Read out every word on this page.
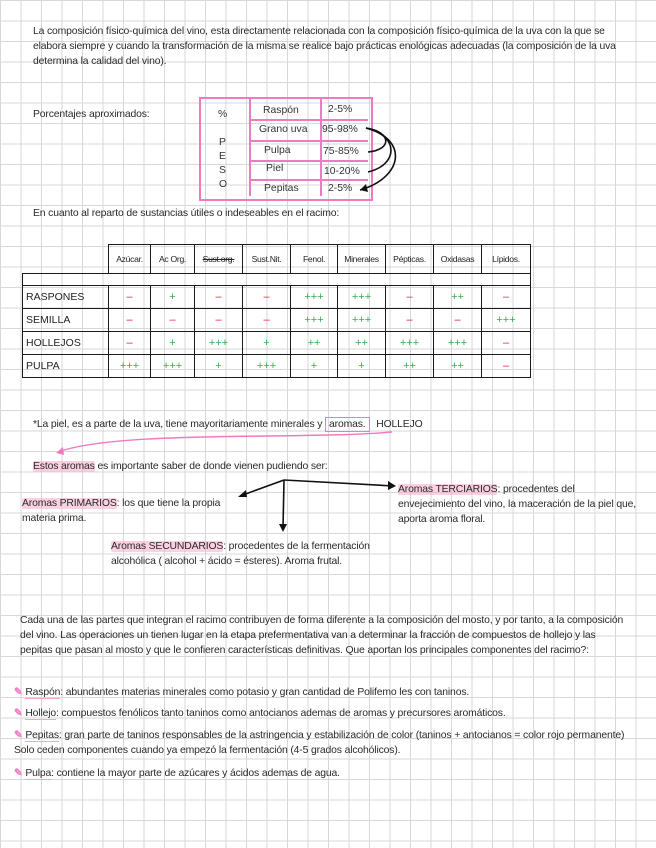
La composición físico-química del vino, esta directamente relacionada con la composición físico-química de la uva con la que se elabora siempre y cuando la transformación de la misma se realice bajo prácticas enológicas adecuadas (la composición de la uva determina la calidad del vino).
Porcentajes aproximados:	%
P
E
S
O
Raspón	2-5%
Grano uva 95-98%
Pulpa	75-85%
Piel	10-20%
Pepitas	2-5%
En cuanto al reparto de sustancias útiles o indeseables en el racimo:
	Azúcar.	Ac Org.	Sust.org.	Sust.Nit.	Fenol.	Minerales	Pépticas.	Oxidasas	Lípidos.

RASPONES	–	+	–	–	+++	+++	–	++	–
SEMILLA	–	–	–	–	+++	+++	–	–	+++
HOLLEJOS	–	+	+++	+	++	++	+++	+++	–
PULPA	+++	+++	+	+++	+	+	++	++	–
*La piel, es a parte de la uva, tiene mayoritariamente minerales y aromas. HOLLEJO
Estos aromas es importante saber de donde vienen pudiendo ser:
Aromas PRIMARIOS: los que tiene la propia materia prima.
Aromas SECUNDARIOS: procedentes de la fermentación alcohólica ( alcohol + ácido = ésteres). Aroma frutal.
Aromas TERCIARIOS: procedentes del envejecimiento del vino, la maceración de la piel que, aporta aroma floral.
Cada una de las partes que integran el racimo contribuyen de forma diferente a la composición del mosto, y por tanto, a la composición del vino. Las operaciones un tienen lugar en la etapa prefermentativa van a determinar la fracción de compuestos de hollejo y las pepitas que pasan al mosto y que le confieren características definitivas. Que aportan los principales componentes del racimo?:
✎ Raspón: abundantes materias minerales como potasio y gran cantidad de Polifemo les con taninos.
✎ Hollejo: compuestos fenólicos tanto taninos como antocianos ademas de aromas y precursores aromáticos.
✎ Pepitas: gran parte de taninos responsables de la astringencia y estabilización de color (taninos + antocianos = color rojo permanente) Solo ceden componentes cuando ya empezó la fermentación (4-5 grados alcohólicos).
✎ Pulpa: contiene la mayor parte de azúcares y ácidos ademas de agua.
